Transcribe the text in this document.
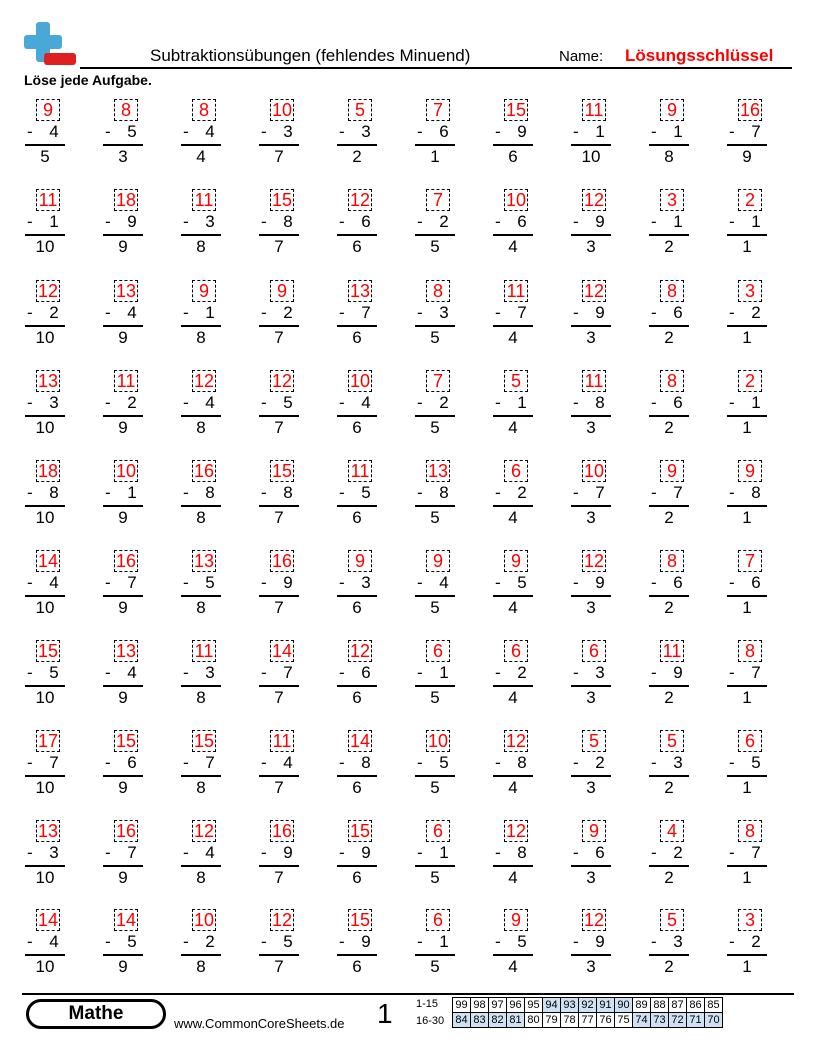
Subtraktionsübungen (fehlendes Minuend)	Name: Lösungsschlüssel
Löse jede Aufgabe.
9
- 4
5
8
- 5
3
8
- 4
4
10
- 3
7
5
- 3
2
7
- 6
1
15
- 9
6
11
- 1
10
9
- 1
8
16
- 7
9
11
- 1
10
18
- 9
9
11
- 3
8
15
- 8
7
12
- 6
6
7
- 2
5
10
- 6
4
12
- 9
3
3
- 1
2
2
- 1
1
12
- 2
10
13
- 4
9
9
- 1
8
9
- 2
7
13
- 7
6
8
- 3
5
11
- 7
4
12
- 9
3
8
- 6
2
3
- 2
1
13
- 3
10
11
- 2
9
12
- 4
8
12
- 5
7
10
- 4
6
7
- 2
5
5
- 1
4
11
- 8
3
8
- 6
2
2
- 1
1
18
- 8
10
10
- 1
9
16
- 8
8
15
- 8
7
11
- 5
6
13
- 8
5
6
- 2
4
10
- 7
3
9
- 7
2
9
- 8
1
14
- 4
10
16
- 7
9
13
- 5
8
16
- 9
7
9
- 3
6
9
- 4
5
9
- 5
4
12
- 9
3
8
- 6
2
7
- 6
1
15
- 5
10
13
- 4
9
11
- 3
8
14
- 7
7
12
- 6
6
6
- 1
5
6
- 2
4
6
- 3
3
11
- 9
2
8
- 7
1
17
- 7
10
15
- 6
9
15
- 7
8
11
- 4
7
14
- 8
6
10
- 5
5
12
- 8
4
5
- 2
3
5
- 3
2
6
- 5
1
13
- 3
10
16
- 7
9
12
- 4
8
16
- 9
7
15
- 9
6
6
- 1
5
12
- 8
4
9
- 6
3
4
- 2
2
8
- 7
1
14
- 4
10
14
- 5
9
10
- 2
8
12
- 5
7
15
- 9
6
6
- 1
5
9
- 5
4
12
- 9
3
5
- 3
2
3
- 2
1
Mathe	www.CommonCoreSheets.de 1 1-15
16-30
99	98	97	96	95	94	93	92	91	90	89	88	87	86	85
84	83	82	81	80	79	78	77	76	75	74	73	72	71	70
